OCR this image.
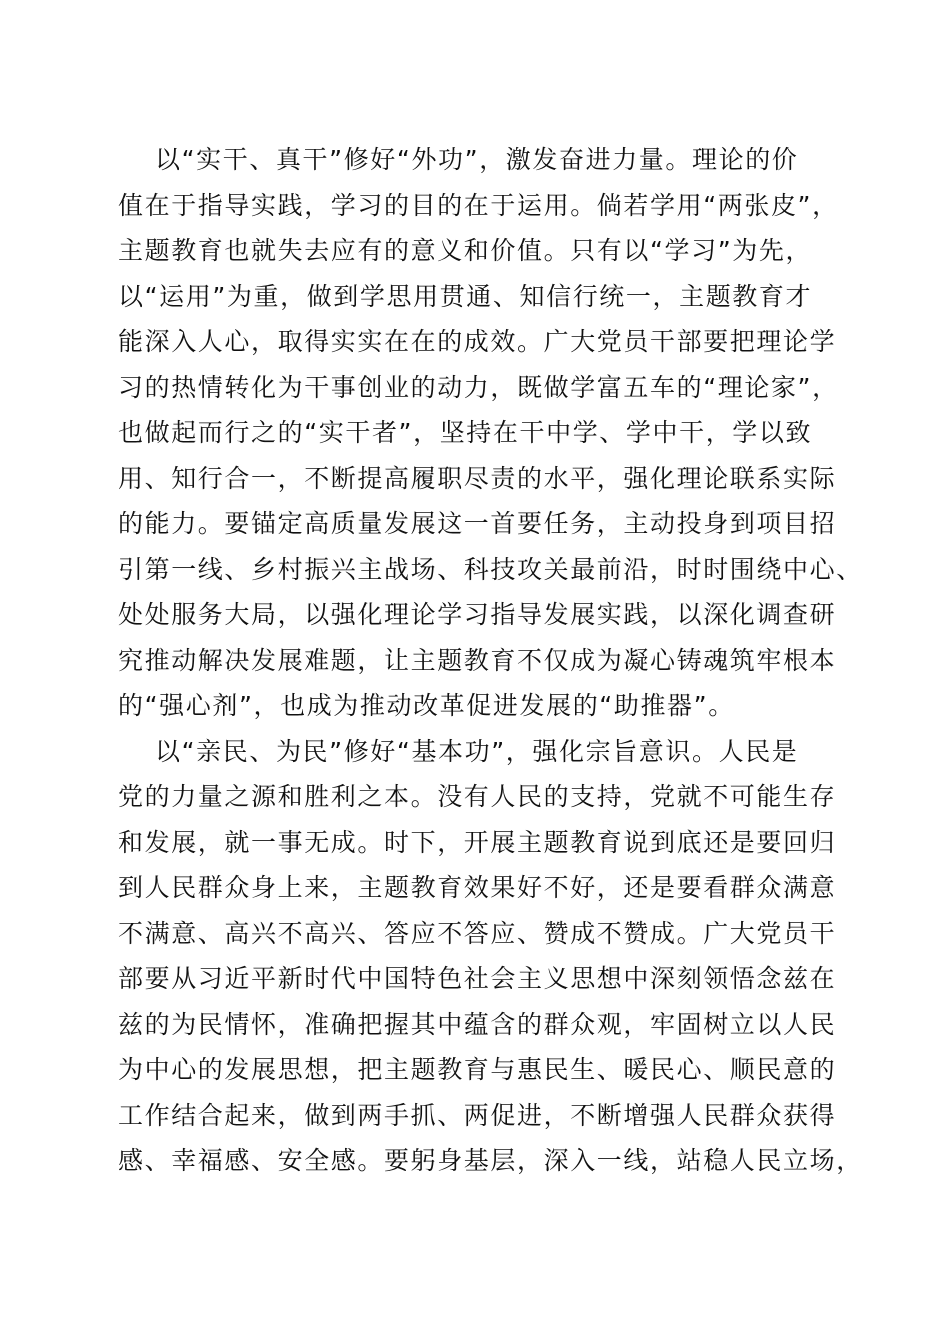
以“实干、真干”修好“外功”，激发奋进力量。理论的价
值在于指导实践，学习的目的在于运用。倘若学用“两张皮”，
主题教育也就失去应有的意义和价值。只有以“学习”为先，
以“运用”为重，做到学思用贯通、知信行统一，主题教育才
能深入人心，取得实实在在的成效。广大党员干部要把理论学
习的热情转化为干事创业的动力，既做学富五车的“理论家”，
也做起而行之的“实干者”，坚持在干中学、学中干，学以致
用、知行合一，不断提高履职尽责的水平，强化理论联系实际
的能力。要锚定高质量发展这一首要任务，主动投身到项目招
引第一线、乡村振兴主战场、科技攻关最前沿，时时围绕中心、
处处服务大局，以强化理论学习指导发展实践，以深化调查研
究推动解决发展难题，让主题教育不仅成为凝心铸魂筑牢根本
的“强心剂”，也成为推动改革促进发展的“助推器”。
以“亲民、为民”修好“基本功”，强化宗旨意识。人民是
党的力量之源和胜利之本。没有人民的支持，党就不可能生存
和发展，就一事无成。时下，开展主题教育说到底还是要回归
到人民群众身上来，主题教育效果好不好，还是要看群众满意
不满意、高兴不高兴、答应不答应、赞成不赞成。广大党员干
部要从习近平新时代中国特色社会主义思想中深刻领悟念兹在
兹的为民情怀，准确把握其中蕴含的群众观，牢固树立以人民
为中心的发展思想，把主题教育与惠民生、暖民心、顺民意的
工作结合起来，做到两手抓、两促进，不断增强人民群众获得
感、幸福感、安全感。要躬身基层，深入一线，站稳人民立场，
